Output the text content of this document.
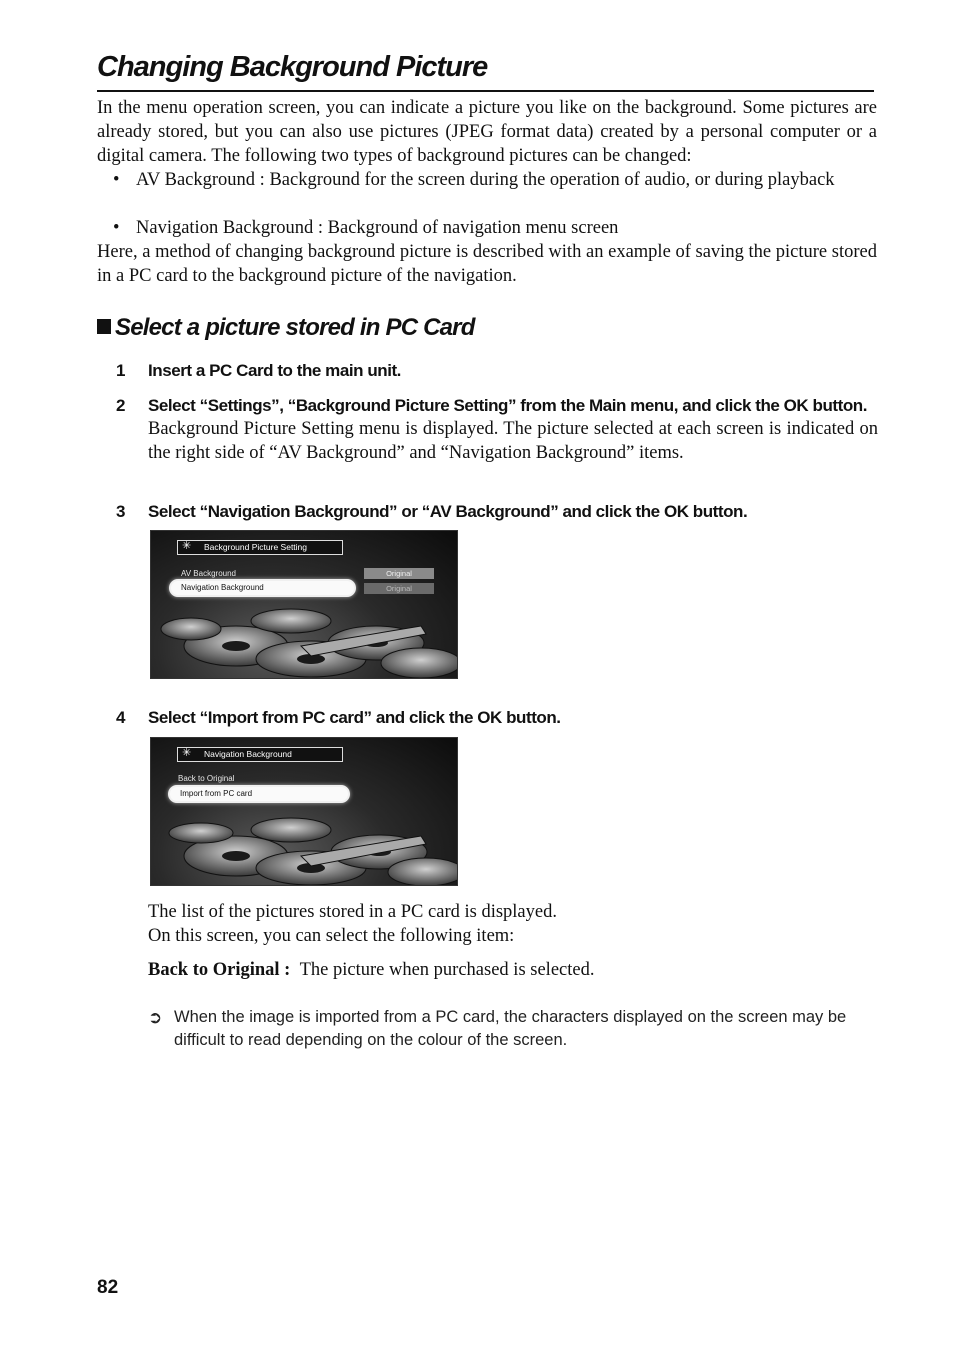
Changing Background Picture

In the menu operation screen, you can indicate a picture you like on the background. Some pictures are already stored, but you can also use pictures (JPEG format data) created by a personal computer or a digital camera. The following two types of background pictures can be changed:

• AV Background : Background for the screen during the operation of audio, or during playback
• Navigation Background : Background of navigation menu screen

Here, a method of changing background picture is described with an example of saving the picture stored in a PC card to the background picture of the navigation.

Select a picture stored in PC Card
1 Insert a PC Card to the main unit.
2 Select “Settings”, “Background Picture Setting” from the Main menu, and click the OK button.
Background Picture Setting menu is displayed. The picture selected at each screen is indicated on the right side of “AV Background” and “Navigation Background” items.
3 Select “Navigation Background” or “AV Background” and click the OK button.
✳ Background Picture Setting
AV Background
Navigation Background
Original
Original
4 Select “Import from PC card” and click the OK button.
✳ Navigation Background
Back to Original
Import from PC card
The list of the pictures stored in a PC card is displayed.
On this screen, you can select the following item:
Back to Original : The picture when purchased is selected.
➲ When the image is imported from a PC card, the characters displayed on the screen may be difficult to read depending on the colour of the screen.
82
